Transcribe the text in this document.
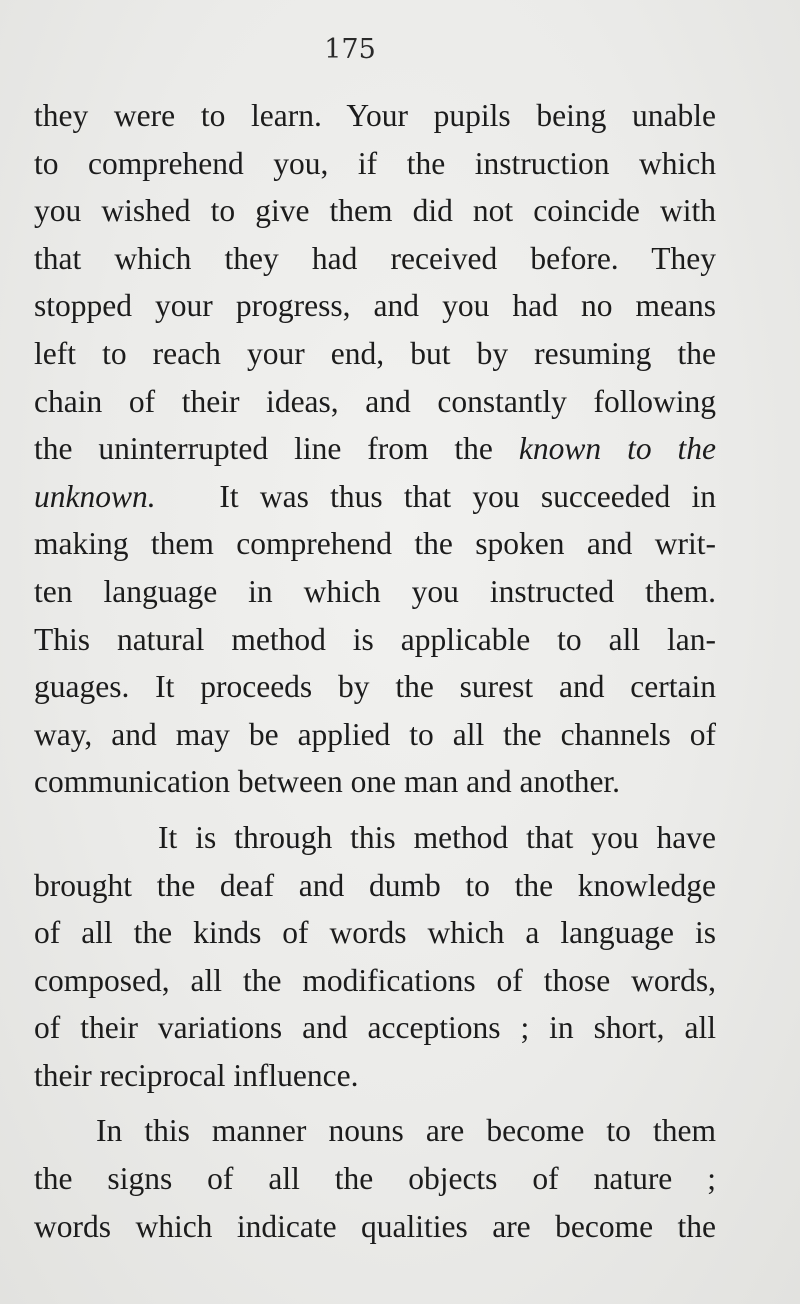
175
they were to learn. Your pupils being unable
to comprehend you, if the instruction which
you wished to give them did not coincide with
that which they had received before. They
stopped your progress, and you had no means
left to reach your end, but by resuming the
chain of their ideas, and constantly following
the uninterrupted line from the known to the
unknown. It was thus that you succeeded in
making them comprehend the spoken and writ-
ten language in which you instructed them.
This natural method is applicable to all lan-
guages. It proceeds by the surest and certain
way, and may be applied to all the channels of
communication between one man and another.
It is through this method that you have
brought the deaf and dumb to the knowledge
of all the kinds of words which a language is
composed, all the modifications of those words,
of their variations and acceptions ; in short, all
their reciprocal influence.
In this manner nouns are become to them
the signs of all the objects of nature ;
words which indicate qualities are become the
